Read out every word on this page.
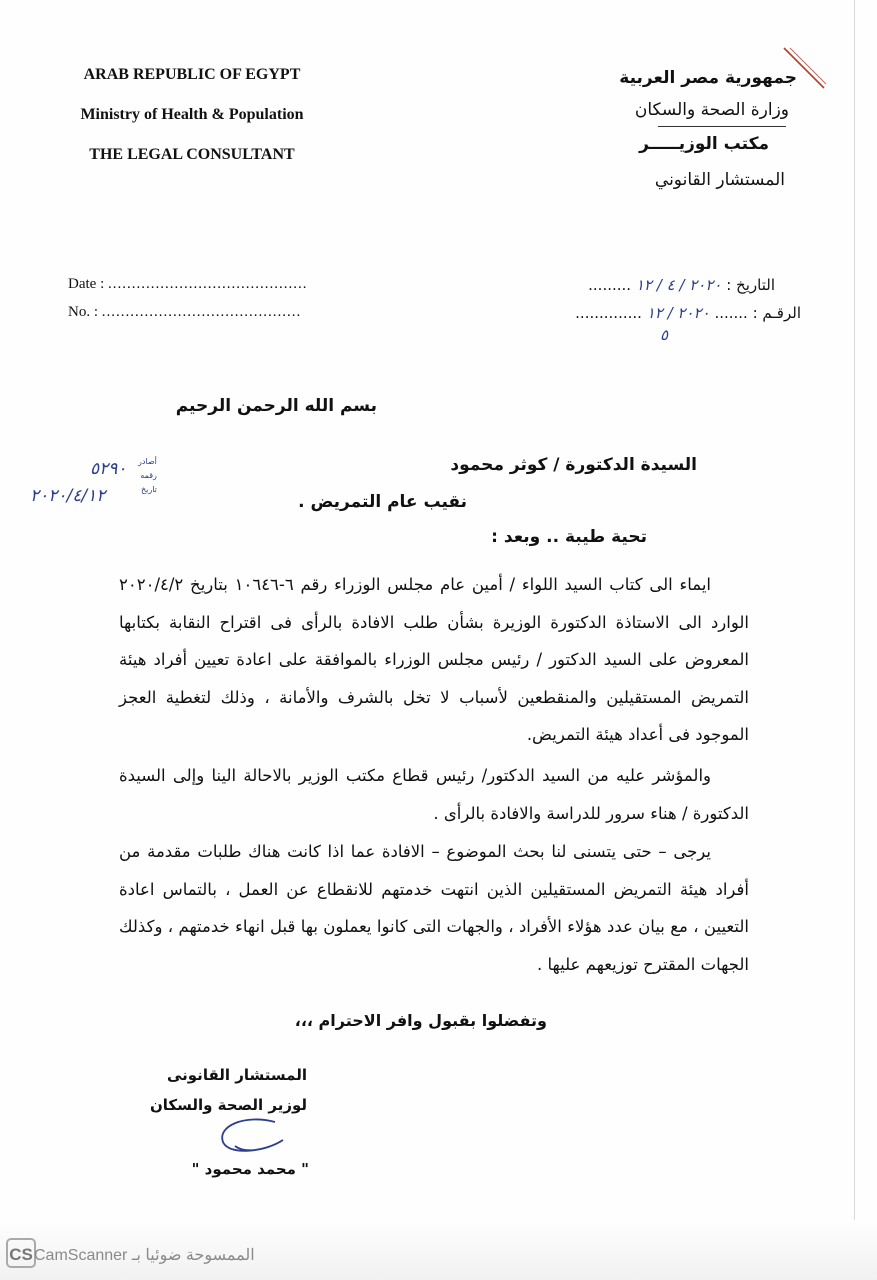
ARAB REPUBLIC OF EGYPT
Ministry of Health & Population
THE LEGAL CONSULTANT
جمهورية مصر العربية
وزارة الصحة والسكان
مكتب الوزيـــــر
المستشار القانوني
Date : ..........................................
No. : ..........................................
التاريخ : ٢٠٢٠ / ٤ / ١٢ .........
الرقـم : ....... ٢٠٢٠ / ١٢ ..............
٥
أصادر
رقمه
تاريخ
٥٢٩٠
٢٠٢٠/٤/١٢
بسم الله الرحمن الرحيم
السيدة الدكتورة / كوثر محمود
نقيب عام التمريض .
تحية طيبة .. وبعد :
ايماء الى كتاب السيد اللواء / أمين عام مجلس الوزراء رقم ٦-١٠٦٤٦ بتاريخ ٢٠٢٠/٤/٢ الوارد الى الاستاذة الدكتورة الوزيرة بشأن طلب الافادة بالرأى فى اقتراح النقابة بكتابها المعروض على السيد الدكتور / رئيس مجلس الوزراء بالموافقة على اعادة تعيين أفراد هيئة التمريض المستقيلين والمنقطعين لأسباب لا تخل بالشرف والأمانة ، وذلك لتغطية العجز الموجود فى أعداد هيئة التمريض.
والمؤشر عليه من السيد الدكتور/ رئيس قطاع مكتب الوزير بالاحالة الينا وإلى السيدة الدكتورة / هناء سرور للدراسة والافادة بالرأى .
يرجى – حتى يتسنى لنا بحث الموضوع – الافادة عما اذا كانت هناك طلبات مقدمة من أفراد هيئة التمريض المستقيلين الذين انتهت خدمتهم للانقطاع عن العمل ، بالتماس اعادة التعيين ، مع بيان عدد هؤلاء الأفراد ، والجهات التى كانوا يعملون بها قبل انهاء خدمتهم ، وكذلك الجهات المقترح توزيعهم عليها .
وتفضلوا بقبول وافر الاحترام ،،،
المستشار القانونى
لوزير الصحة والسكان
" محمد محمود "
CS CamScanner الممسوحة ضوئيا بـ
